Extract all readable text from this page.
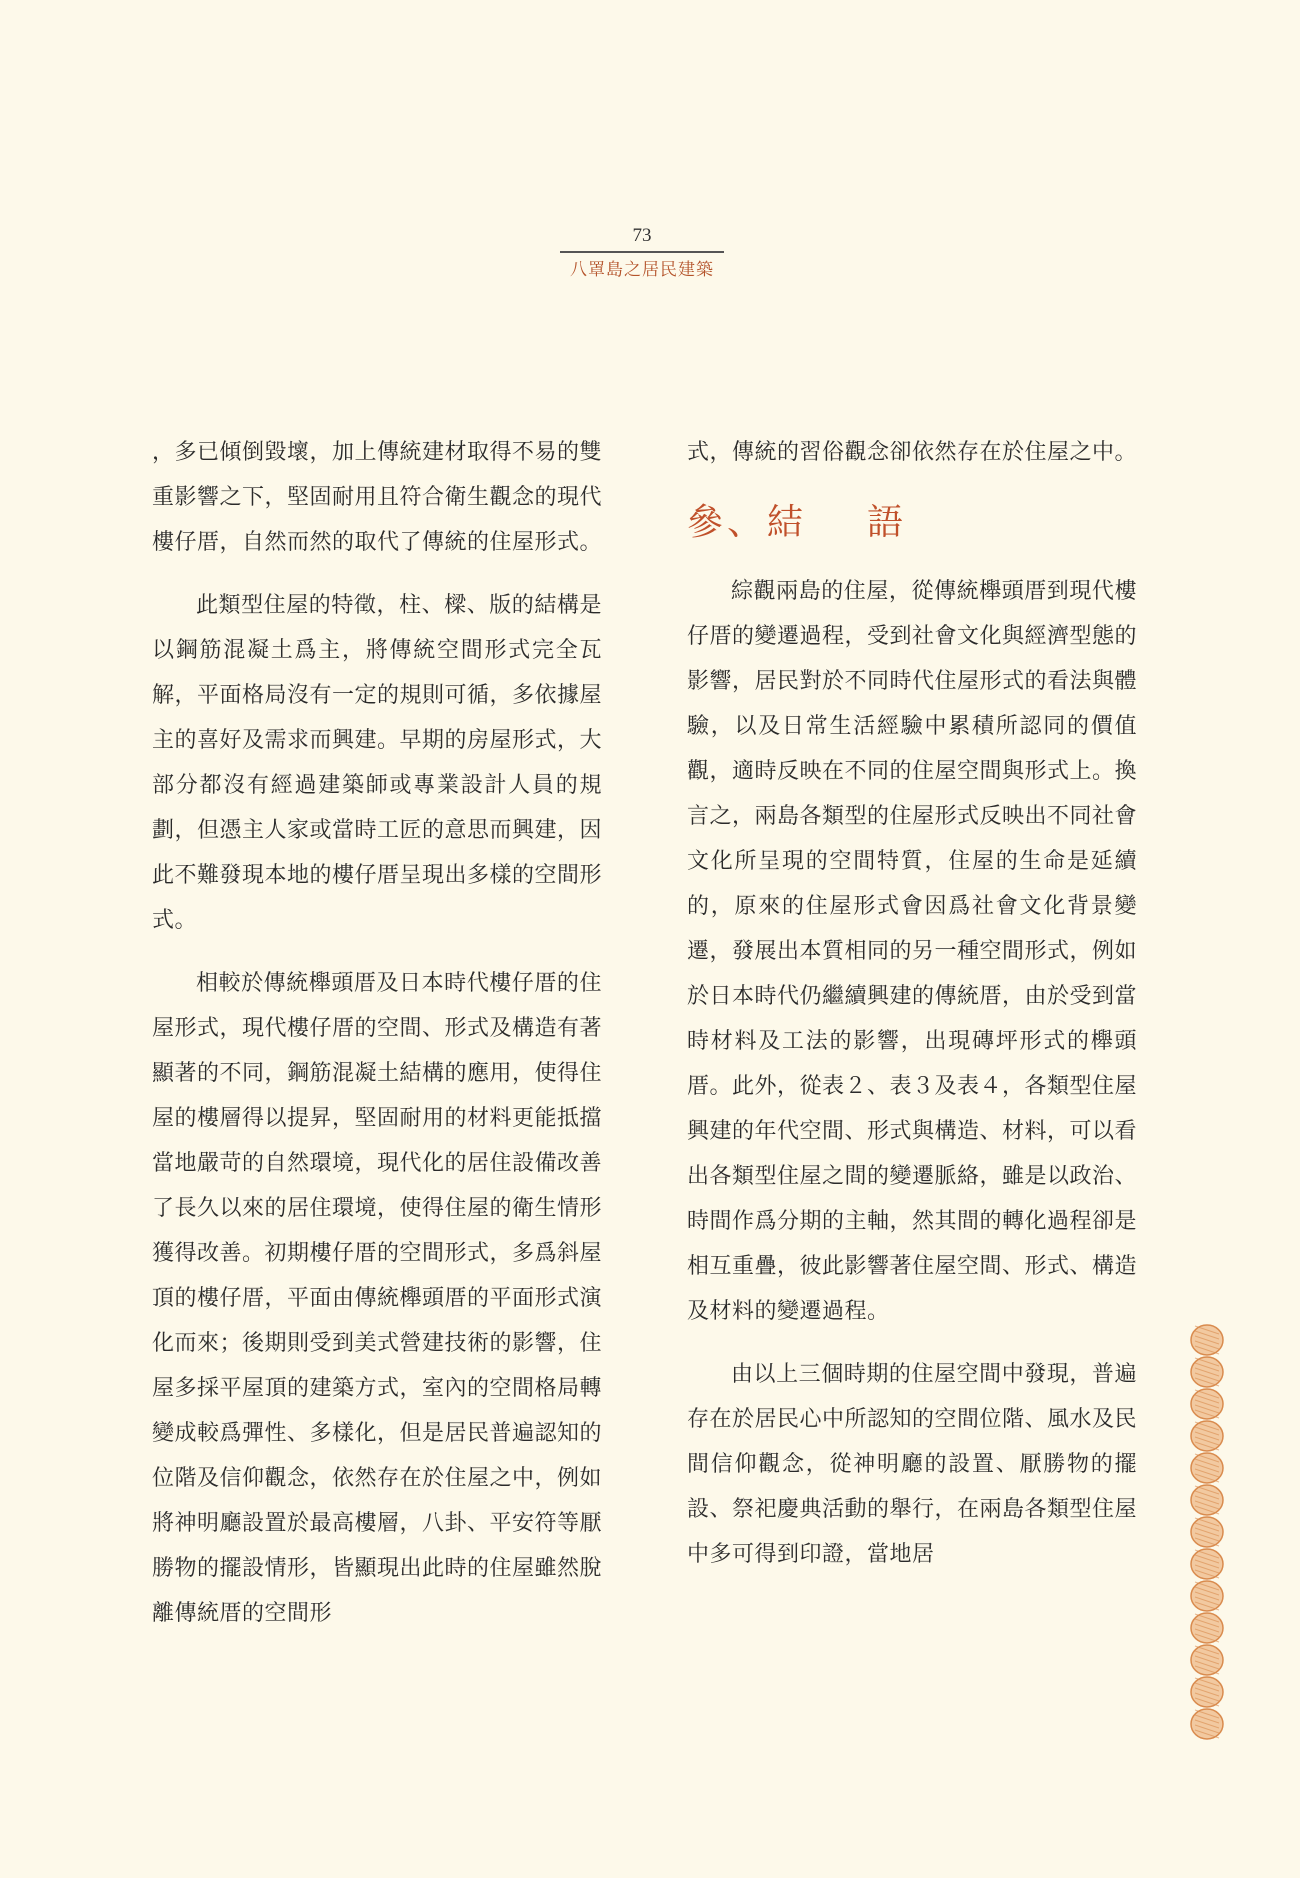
73
八罩島之居民建築

，多已傾倒毀壞，加上傳統建材取得不易的雙重影響之下，堅固耐用且符合衛生觀念的現代樓仔厝，自然而然的取代了傳統的住屋形式。

此類型住屋的特徵，柱、樑、版的結構是以鋼筋混凝土爲主，將傳統空間形式完全瓦解，平面格局沒有一定的規則可循，多依據屋主的喜好及需求而興建。早期的房屋形式，大部分都沒有經過建築師或專業設計人員的規劃，但憑主人家或當時工匠的意思而興建，因此不難發現本地的樓仔厝呈現出多樣的空間形式。

相較於傳統櫸頭厝及日本時代樓仔厝的住屋形式，現代樓仔厝的空間、形式及構造有著顯著的不同，鋼筋混凝土結構的應用，使得住屋的樓層得以提昇，堅固耐用的材料更能抵擋當地嚴苛的自然環境，現代化的居住設備改善了長久以來的居住環境，使得住屋的衛生情形獲得改善。初期樓仔厝的空間形式，多爲斜屋頂的樓仔厝，平面由傳統櫸頭厝的平面形式演化而來；後期則受到美式營建技術的影響，住屋多採平屋頂的建築方式，室內的空間格局轉變成較爲彈性、多樣化，但是居民普遍認知的位階及信仰觀念，依然存在於住屋之中，例如將神明廳設置於最高樓層，八卦、平安符等厭勝物的擺設情形，皆顯現出此時的住屋雖然脫離傳統厝的空間形

式，傳統的習俗觀念卻依然存在於住屋之中。

參、結 語

綜觀兩島的住屋，從傳統櫸頭厝到現代樓仔厝的變遷過程，受到社會文化與經濟型態的影響，居民對於不同時代住屋形式的看法與體驗，以及日常生活經驗中累積所認同的價值觀，適時反映在不同的住屋空間與形式上。換言之，兩島各類型的住屋形式反映出不同社會文化所呈現的空間特質，住屋的生命是延續的，原來的住屋形式會因爲社會文化背景變遷，發展出本質相同的另一種空間形式，例如於日本時代仍繼續興建的傳統厝，由於受到當時材料及工法的影響，出現磚坪形式的櫸頭厝。此外，從表２、表３及表４，各類型住屋興建的年代空間、形式與構造、材料，可以看出各類型住屋之間的變遷脈絡，雖是以政治、時間作爲分期的主軸，然其間的轉化過程卻是相互重疊，彼此影響著住屋空間、形式、構造及材料的變遷過程。

由以上三個時期的住屋空間中發現，普遍存在於居民心中所認知的空間位階、風水及民間信仰觀念，從神明廳的設置、厭勝物的擺設、祭祀慶典活動的舉行，在兩島各類型住屋中多可得到印證，當地居
